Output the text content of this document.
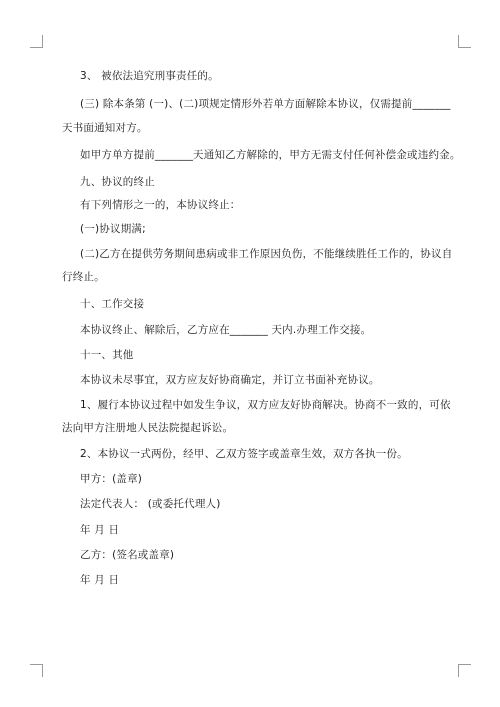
3、 被依法追究刑事责任的。
(三) 除本条第 (一)、(二)项规定情形外若单方面解除本协议，仅需提前_______
天书面通知对方。
如甲方单方提前_______天通知乙方解除的，甲方无需支付任何补偿金或违约金。
九、协议的终止
有下列情形之一的，本协议终止：
(一)协议期满;
(二)乙方在提供劳务期间患病或非工作原因负伤，不能继续胜任工作的，协议自
行终止。
十、工作交接
本协议终止、解除后，乙方应在_______ 天内.办理工作交接。
十一、其他
本协议未尽事宜，双方应友好协商确定，并订立书面补充协议。
1、履行本协议过程中如发生争议，双方应友好协商解决。协商不一致的，可依
法向甲方注册地人民法院提起诉讼。
2、本协议一式两份，经甲、乙双方签字或盖章生效，双方各执一份。
甲方：(盖章)
法定代表人： (或委托代理人)
年 月 日
乙方：(签名或盖章)
年 月 日
